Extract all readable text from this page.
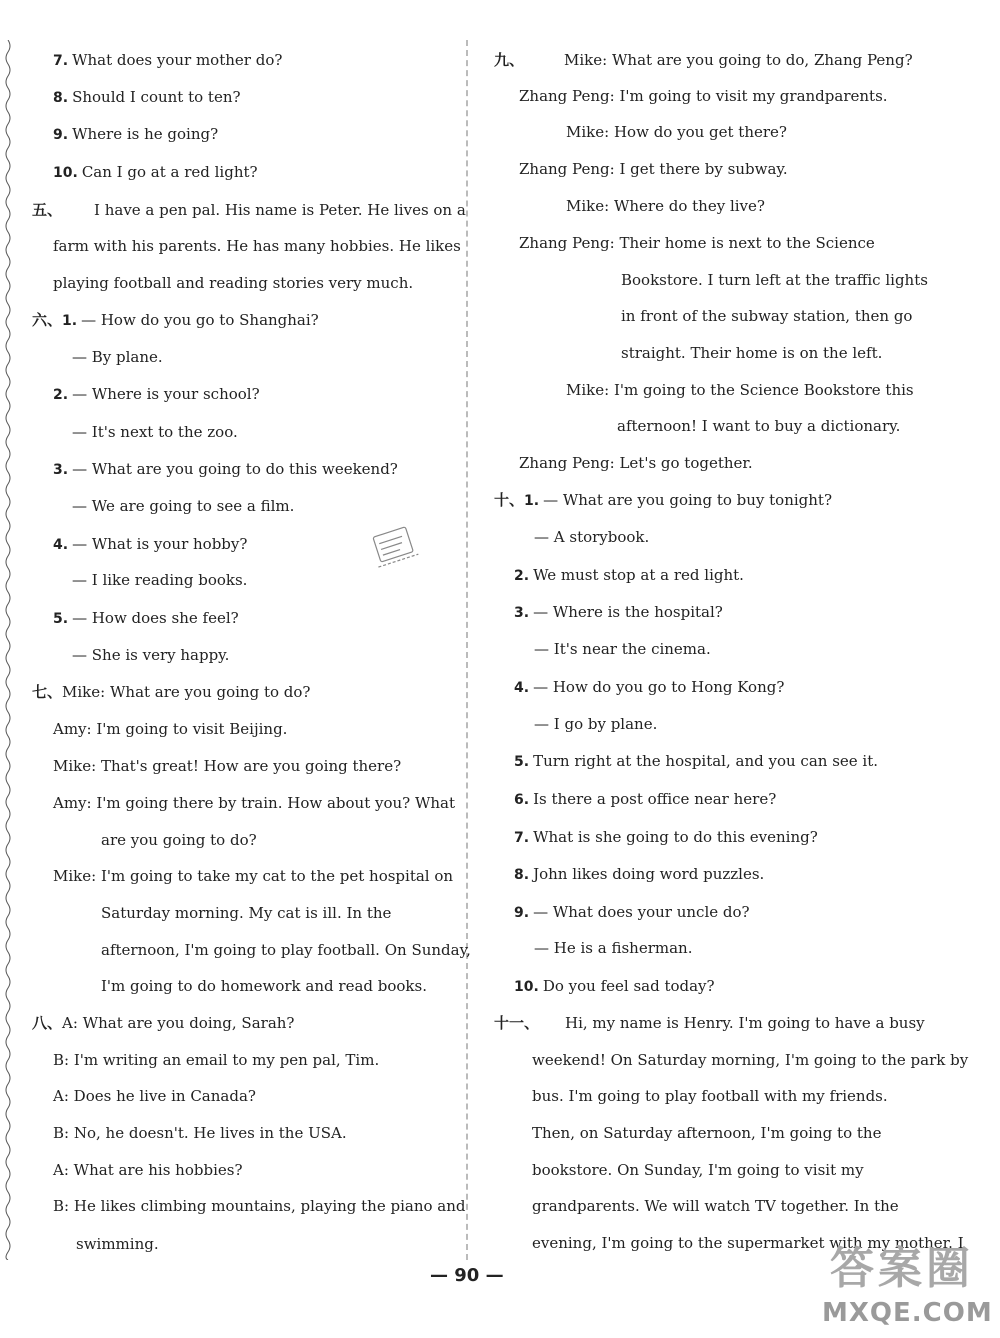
7. What does your mother do?
8. Should I count to ten?
9. Where is he going?
10. Can I go at a red light?
五、 I have a pen pal. His name is Peter. He lives on a
farm with his parents. He has many hobbies. He likes
playing football and reading stories very much.
六、1. — How do you go to Shanghai?
— By plane.
2. — Where is your school?
— It's next to the zoo.
3. — What are you going to do this weekend?
— We are going to see a film.
4. — What is your hobby?
— I like reading books.
5. — How does she feel?
— She is very happy.
七、Mike: What are you going to do?
Amy: I'm going to visit Beijing.
Mike: That's great! How are you going there?
Amy: I'm going there by train. How about you? What
are you going to do?
Mike: I'm going to take my cat to the pet hospital on
Saturday morning. My cat is ill. In the
afternoon, I'm going to play football. On Sunday,
I'm going to do homework and read books.
八、A: What are you doing, Sarah?
B: I'm writing an email to my pen pal, Tim.
A: Does he live in Canada?
B: No, he doesn't. He lives in the USA.
A: What are his hobbies?
B: He likes climbing mountains, playing the piano and
swimming.
九、	Mike: What are you going to do, Zhang Peng?
Zhang Peng: I'm going to visit my grandparents.
Mike: How do you get there?
Zhang Peng: I get there by subway.
Mike: Where do they live?
Zhang Peng: Their home is next to the Science
Bookstore. I turn left at the traffic lights
in front of the subway station, then go
straight. Their home is on the left.
Mike: I'm going to the Science Bookstore this
afternoon! I want to buy a dictionary.
Zhang Peng: Let's go together.
十、1. — What are you going to buy tonight?
— A storybook.
2. We must stop at a red light.
3. — Where is the hospital?
— It's near the cinema.
4. — How do you go to Hong Kong?
— I go by plane.
5. Turn right at the hospital, and you can see it.
6. Is there a post office near here?
7. What is she going to do this evening?
8. John likes doing word puzzles.
9. — What does your uncle do?
— He is a fisherman.
10. Do you feel sad today?
十一、 Hi, my name is Henry. I'm going to have a busy
weekend! On Saturday morning, I'm going to the park by
bus. I'm going to play football with my friends.
Then, on Saturday afternoon, I'm going to the
bookstore. On Sunday, I'm going to visit my
grandparents. We will watch TV together. In the
evening, I'm going to the supermarket with my mother. I
— 90 —	答案圈
MXQE.COM
